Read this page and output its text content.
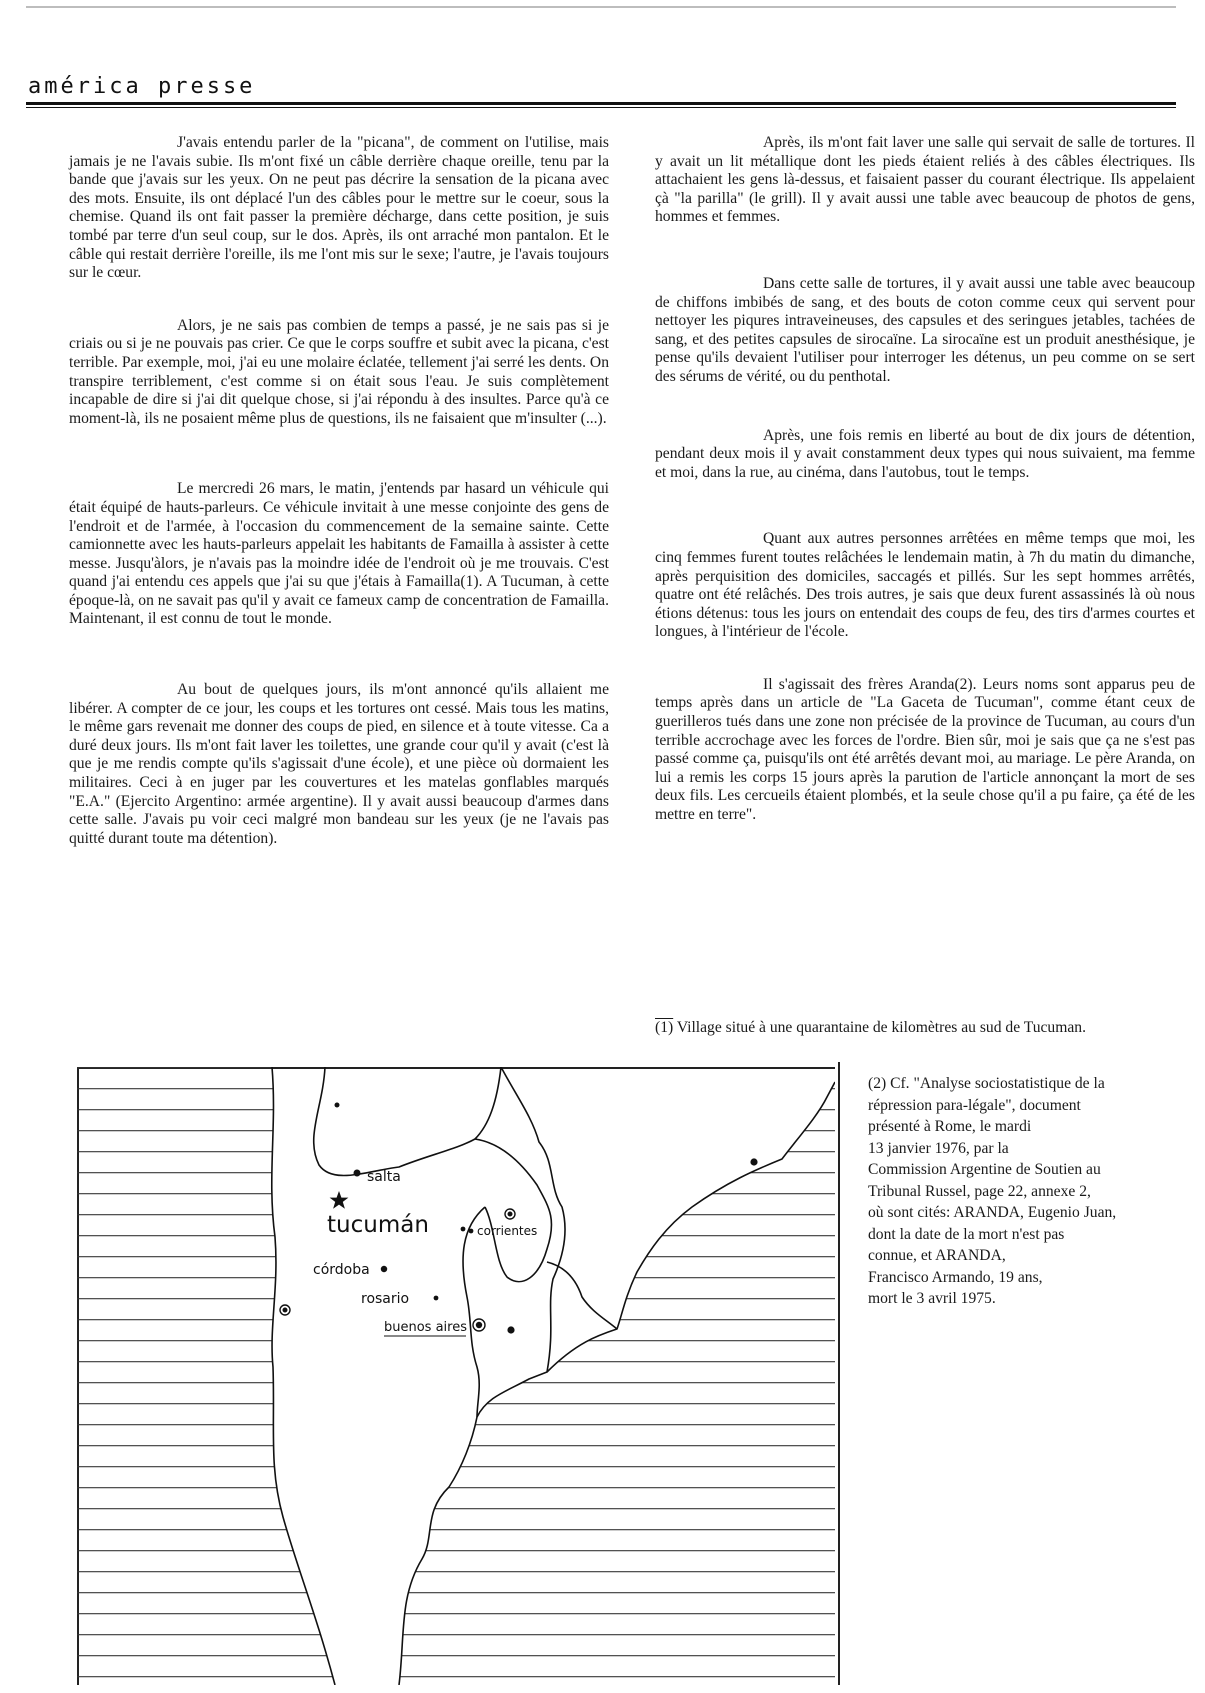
américa presse

J'avais entendu parler de la "picana", de comment on l'utilise, mais jamais je ne l'avais subie. Ils m'ont fixé un câble derrière chaque oreille, tenu par la bande que j'avais sur les yeux. On ne peut pas décrire la sensation de la picana avec des mots. Ensuite, ils ont déplacé l'un des câbles pour le mettre sur le coeur, sous la chemise. Quand ils ont fait passer la première décharge, dans cette position, je suis tombé par terre d'un seul coup, sur le dos. Après, ils ont arraché mon pantalon. Et le câble qui restait derrière l'oreille, ils me l'ont mis sur le sexe; l'autre, je l'avais toujours sur le cœur.

Alors, je ne sais pas combien de temps a passé, je ne sais pas si je criais ou si je ne pouvais pas crier. Ce que le corps souffre et subit avec la picana, c'est terrible. Par exemple, moi, j'ai eu une molaire éclatée, tellement j'ai serré les dents. On transpire terriblement, c'est comme si on était sous l'eau. Je suis complètement incapable de dire si j'ai dit quelque chose, si j'ai répondu à des insultes. Parce qu'à ce moment-là, ils ne posaient même plus de questions, ils ne faisaient que m'insulter (...).

Le mercredi 26 mars, le matin, j'entends par hasard un véhicule qui était équipé de hauts-parleurs. Ce véhicule invitait à une messe conjointe des gens de l'endroit et de l'armée, à l'occasion du commencement de la semaine sainte. Cette camionnette avec les hauts-parleurs appelait les habitants de Famailla à assister à cette messe. Jusqu'àlors, je n'avais pas la moindre idée de l'endroit où je me trouvais. C'est quand j'ai entendu ces appels que j'ai su que j'étais à Famailla(1). A Tucuman, à cette époque-là, on ne savait pas qu'il y avait ce fameux camp de concentration de Famailla. Maintenant, il est connu de tout le monde.

Au bout de quelques jours, ils m'ont annoncé qu'ils allaient me libérer. A compter de ce jour, les coups et les tortures ont cessé. Mais tous les matins, le même gars revenait me donner des coups de pied, en silence et à toute vitesse. Ca a duré deux jours. Ils m'ont fait laver les toilettes, une grande cour qu'il y avait (c'est là que je me rendis compte qu'ils s'agissait d'une école), et une pièce où dormaient les militaires. Ceci à en juger par les couvertures et les matelas gonflables marqués "E.A." (Ejercito Argentino: armée argentine). Il y avait aussi beaucoup d'armes dans cette salle. J'avais pu voir ceci malgré mon bandeau sur les yeux (je ne l'avais pas quitté durant toute ma détention).

Après, ils m'ont fait laver une salle qui servait de salle de tortures. Il y avait un lit métallique dont les pieds étaient reliés à des câbles électriques. Ils attachaient les gens là-dessus, et faisaient passer du courant électrique. Ils appelaient çà "la parilla" (le grill). Il y avait aussi une table avec beaucoup de photos de gens, hommes et femmes.

Dans cette salle de tortures, il y avait aussi une table avec beaucoup de chiffons imbibés de sang, et des bouts de coton comme ceux qui servent pour nettoyer les piqures intraveineuses, des capsules et des seringues jetables, tachées de sang, et des petites capsules de sirocaïne. La sirocaïne est un produit anesthésique, je pense qu'ils devaient l'utiliser pour interroger les détenus, un peu comme on se sert des sérums de vérité, ou du penthotal.

Après, une fois remis en liberté au bout de dix jours de détention, pendant deux mois il y avait constamment deux types qui nous suivaient, ma femme et moi, dans la rue, au cinéma, dans l'autobus, tout le temps.

Quant aux autres personnes arrêtées en même temps que moi, les cinq femmes furent toutes relâchées le lendemain matin, à 7h du matin du dimanche, après perquisition des domiciles, saccagés et pillés. Sur les sept hommes arrêtés, quatre ont été relâchés. Des trois autres, je sais que deux furent assassinés là où nous étions détenus: tous les jours on entendait des coups de feu, des tirs d'armes courtes et longues, à l'intérieur de l'école.

Il s'agissait des frères Aranda(2). Leurs noms sont apparus peu de temps après dans un article de "La Gaceta de Tucuman", comme étant ceux de guerilleros tués dans une zone non précisée de la province de Tucuman, au cours d'un terrible accrochage avec les forces de l'ordre. Bien sûr, moi je sais que ça ne s'est pas passé comme ça, puisqu'ils ont été arrêtés devant moi, au mariage. Le père Aranda, on lui a remis les corps 15 jours après la parution de l'article annonçant la mort de ses deux fils. Les cercueils étaient plombés, et la seule chose qu'il a pu faire, ça été de les mettre en terre".

(1) Village situé à une quarantaine de kilomètres au sud de Tucuman.
salta
tucumán	corrientes
córdoba
rosario
buenos aires
(2) Cf. "Analyse sociostatistique de la
répression para-légale", document
présenté à Rome, le mardi
13 janvier 1976, par la
Commission Argentine de Soutien au
Tribunal Russel, page 22, annexe 2,
où sont cités: ARANDA, Eugenio Juan,
dont la date de la mort n'est pas
connue, et ARANDA,
Francisco Armando, 19 ans,
mort le 3 avril 1975.
